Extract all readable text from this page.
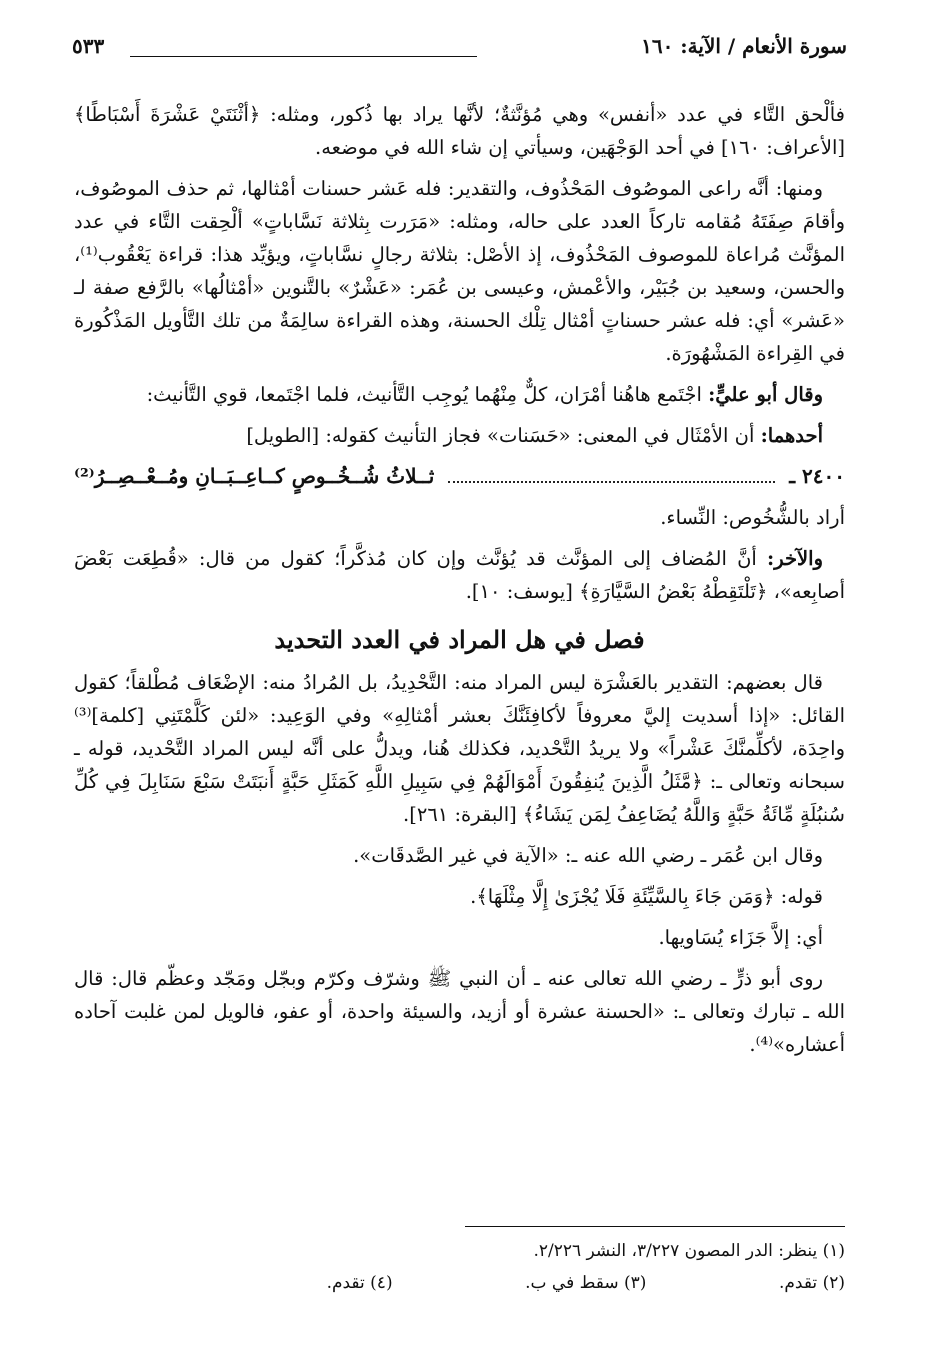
سورة الأنعام / الآية: ١٦٠
٥٣٣

فألْحق التَّاء في عدد «أنفس» وهي مُؤنَّثةٌ؛ لأنَّها يراد بها ذُكور، ومثله: ﴿أثْنَتَيْ عَشْرَةَ أَسْبَاطًا﴾ [الأعراف: ١٦٠] في أحد الوَجْهَين، وسيأتي إن شاء الله في موضعه.

ومنها: أنَّه راعى الموصُوف المَحْذُوف، والتقدير: فله عَشر حسنات أمْثالها، ثم حذف الموصُوف، وأقامَ صِفَتَهُ مُقامه تاركاً العدد على حاله، ومثله: «مَرَرت بِثلاثة نَسَّاباتٍ» ألْحِقت التَّاء في عدد المؤنَّث مُراعاة للموصوف المَحْذُوف، إذ الأصْل: بثلاثة رجالٍ نسَّاباتٍ، ويؤيِّد هذا: قراءة يَعْقُوب⁽¹⁾، والحسن، وسعيد بن جُبَيْر، والأعْمش، وعيسى بن عُمَر: «عَشْرٌ» بالتَّنوين «أمْثالُها» بالرَّفع صفة لـ «عَشر» أي: فله عشر حسناتٍ أمْثال تِلْك الحسنة، وهذه القراءة سالِمَةٌ من تلك التَّأويل المَذْكُورة في القِراءة المَشْهُورَة.

وقال أبو عليٍّ: اجْتَمع هاهُنا أمْرَان، كلٌّ مِنْهُما يُوجِب التَّأنيث، فلما اجْتَمعا، قوي التَّأنيث:

أحدهما: أن الأمْثَال في المعنى: «حَسَنات» فجاز التأنيث كقوله: [الطويل]

٢٤٠٠ ـ
ثــلاثُ شُــخُــوصٍ كــاعِــبَــانِ ومُــعْــصِــرُ⁽²⁾

أراد بالشُّخُوص: النِّساء.

والآخر: أنَّ المُضاف إلى المؤنَّث قد يُؤنَّث وإن كان مُذكَّراً؛ كقول من قال: «قُطِعَت بَعْضَ أصابِعه»، ﴿تَلْتَقِطْهُ بَعْضُ السَّيَّارَةِ﴾ [يوسف: ١٠].

فصل في هل المراد في العدد التحديد

قال بعضهم: التقدير بالعَشْرَة ليس المراد منه: التَّحْدِيدُ، بل المُرادُ منه: الإضْعَاف مُطْلقاً؛ كقول القائل: «إذا أسديت إليَّ معروفاً لأكافِئَنَّكَ بعشر أمْثالِهِ» وفي الوَعِيد: «لئن كَلَّمْتَنِي [كلمة]⁽³⁾ واحِدَة، لأكلِّمنَّكَ عَشْراً» ولا يريدُ التَّحْديد، فكذلك هُنا، ويدلُّ على أنَّه ليس المراد التَّحْديد، قوله ـ سبحانه وتعالى ـ: ﴿مَّثَلُ الَّذِينَ يُنفِقُونَ أَمْوَالَهُمْ فِي سَبِيلِ اللَّهِ كَمَثَلِ حَبَّةٍ أَنبَتَتْ سَبْعَ سَنَابِلَ فِي كُلِّ سُنبُلَةٍ مِّائَةُ حَبَّةٍ وَاللَّهُ يُضَاعِفُ لِمَن يَشَاءُ﴾ [البقرة: ٢٦١].

وقال ابن عُمَر ـ رضي الله عنه ـ: «الآية في غير الصَّدقَات».

قوله: ﴿وَمَن جَاءَ بِالسَّيِّئَةِ فَلَا يُجْزَىٰ إِلَّا مِثْلَهَا﴾.

أي: إلاَّ جَزَاء يُسَاويها.

روى أبو ذرٍّ ـ رضي الله تعالى عنه ـ أن النبي ﷺ وشرّف وكرّم وبجّل ومَجّد وعظّم قال: قال الله ـ تبارك وتعالى ـ: «الحسنة عشرة أو أزيد، والسيئة واحدة، أو عفو، فالويل لمن غلبت آحاده أعشاره»⁽⁴⁾.

(١) ينظر: الدر المصون ٣/٢٢٧، النشر ٢/٢٢٦.
(٢) تقدم.
(٣) سقط في ب.
(٤) تقدم.
